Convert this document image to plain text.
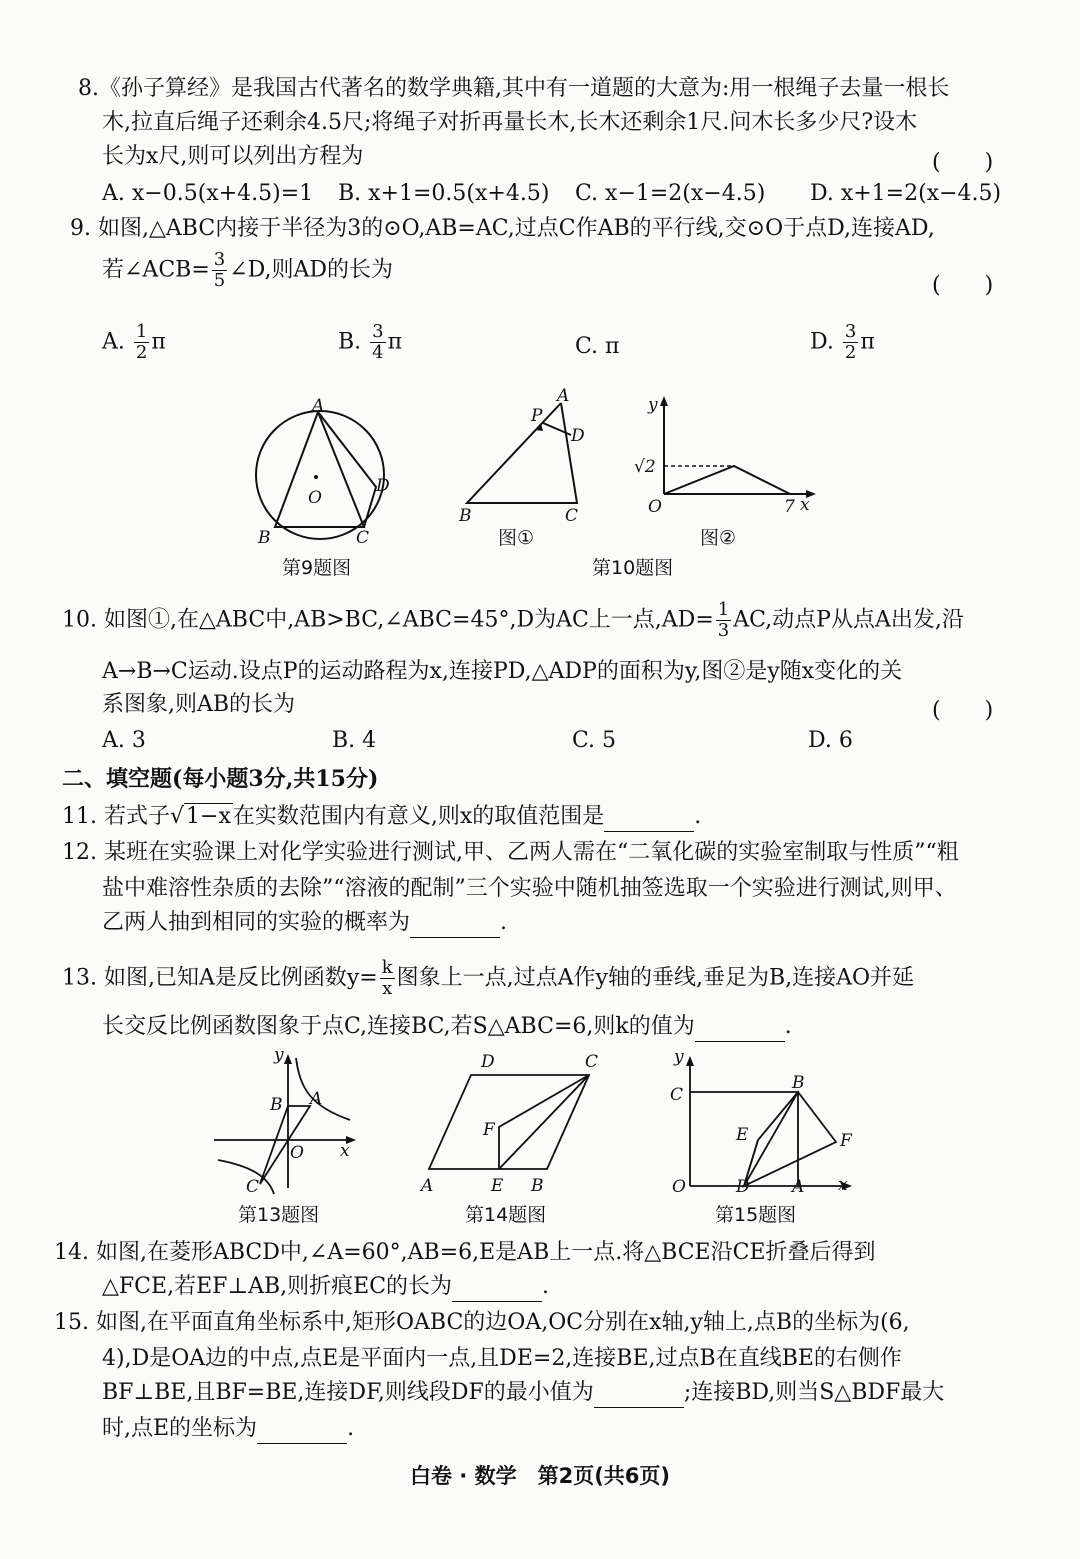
8.《孙子算经》是我国古代著名的数学典籍,其中有一道题的大意为:用一根绳子去量一根长
木,拉直后绳子还剩余4.5尺;将绳子对折再量长木,长木还剩余1尺.问木长多少尺?设木
长为x尺,则可以列出方程为	(　　)
A. x−0.5(x+4.5)=1 B. x+1=0.5(x+4.5) C. x−1=2(x−4.5) D. x+1=2(x−4.5)
9. 如图,△ABC内接于半径为3的⊙O,AB=AC,过点C作AB的平行线,交⊙O于点D,连接AD,
若∠ACB= $\frac{3}{5}$ ∠D,则AD的长为
(　　)
A. $\frac{1}{2}$ π	B. $\frac{3}{4}$ π	C. π	D. $\frac{3}{2}$ π
A
O
D
B	C
第9题图
A
P
D
B	C
图①
y
√2
O	7 x
图②
第10题图
10. 如图①,在△ABC中,AB>BC,∠ABC=45°,D为AC上一点$,AD= \frac{1}{3}$ AC,动点P从点A出发,沿
A→B→C运动.设点P的运动路程为x,连接PD,△ADP的面积为y,图②是y随x变化的关
系图象,则AB的长为	(　　)
A. 3	B. 4	C. 5	D. 6
二、填空题(每小题3分,共15分)
11. 若式子√1−x在实数范围内有意义,则x的取值范围是	.
12. 某班在实验课上对化学实验进行测试,甲、乙两人需在“二氧化碳的实验室制取与性质”“粗
盐中难溶性杂质的去除”“溶液的配制”三个实验中随机抽签选取一个实验进行测试,则甲、
乙两人抽到相同的实验的概率为	.
13. 如图,已知A是反比例函数$y= \frac{k}{x}$ 图象上一点,过点A作y轴的垂线,垂足为B,连接AO并延
长交反比例函数图象于点C,连接BC,若S△ABC=6,则k的值为	.
y
B A
O x
C
第13题图
D	C
F
A	E B
第14题图
y
C
B
E	F
O	D A x
第15题图
14. 如图,在菱形ABCD中,∠A=60°,AB=6,E是AB上一点.将△BCE沿CE折叠后得到
△FCE,若EF⊥AB,则折痕EC的长为	.
15. 如图,在平面直角坐标系中,矩形OABC的边OA,OC分别在x轴,y轴上,点B的坐标为(6,
4),D是OA边的中点,点E是平面内一点,且DE=2,连接BE,过点B在直线BE的右侧作
BF⊥BE,且BF=BE,连接DF,则线段DF的最小值为	;连接BD,则当S△BDF最大
时,点E的坐标为	.
白卷 · 数学　第2页(共6页)
